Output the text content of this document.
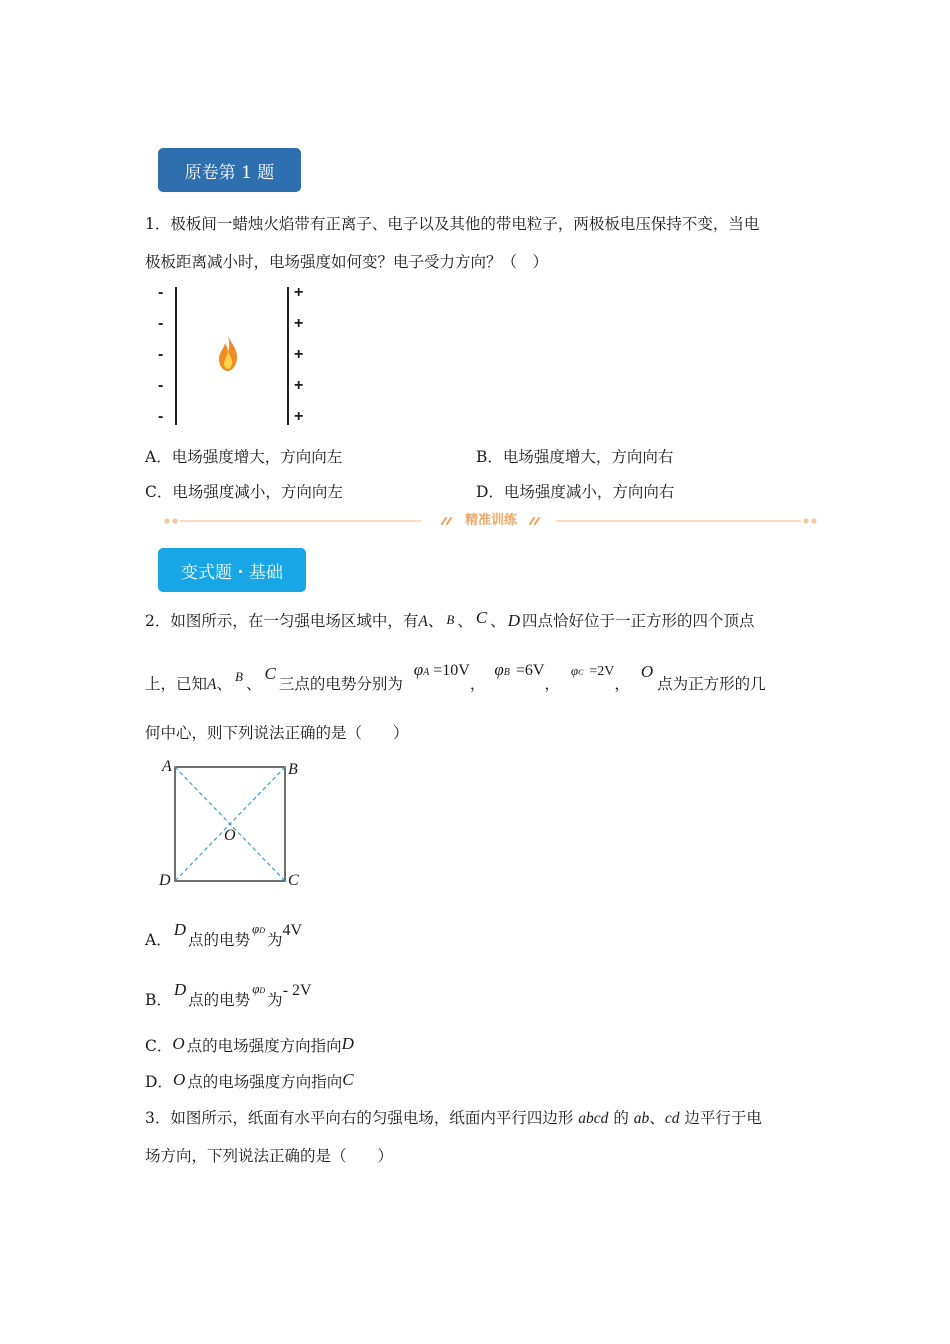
原卷第 1 题
1．极板间一蜡烛火焰带有正离子、电子以及其他的带电粒子，两极板电压保持不变，当电
极板距离减小时，电场强度如何变？电子受力方向？（　）
-
-
-
-
-
+
+
+
+
+
A．电场强度增大，方向向左	B．电场强度增大，方向向右
C．电场强度减小，方向向左	D．电场强度减小，方向向右
精准训练
变式题・基础
2．如图所示，在一匀强电场区域中，有A、 B 、 C 、 D 四点恰好位于一正方形的四个顶点
上，已知A、 $_B$ 、C三点的电势分别为 φA =10V， φB =6V， φC =2V， O点为正方形的几
何中心，则下列说法正确的是（　　）
A	B
C
D
O
A．D点的电势φD为4V
B．D点的电势φD为- 2V
C．O 点的电场强度方向指向D
D．O 点的电场强度方向指向C
3．如图所示，纸面有水平向右的匀强电场，纸面内平行四边形 abcd 的 ab、cd 边平行于电
场方向，下列说法正确的是（　　）
